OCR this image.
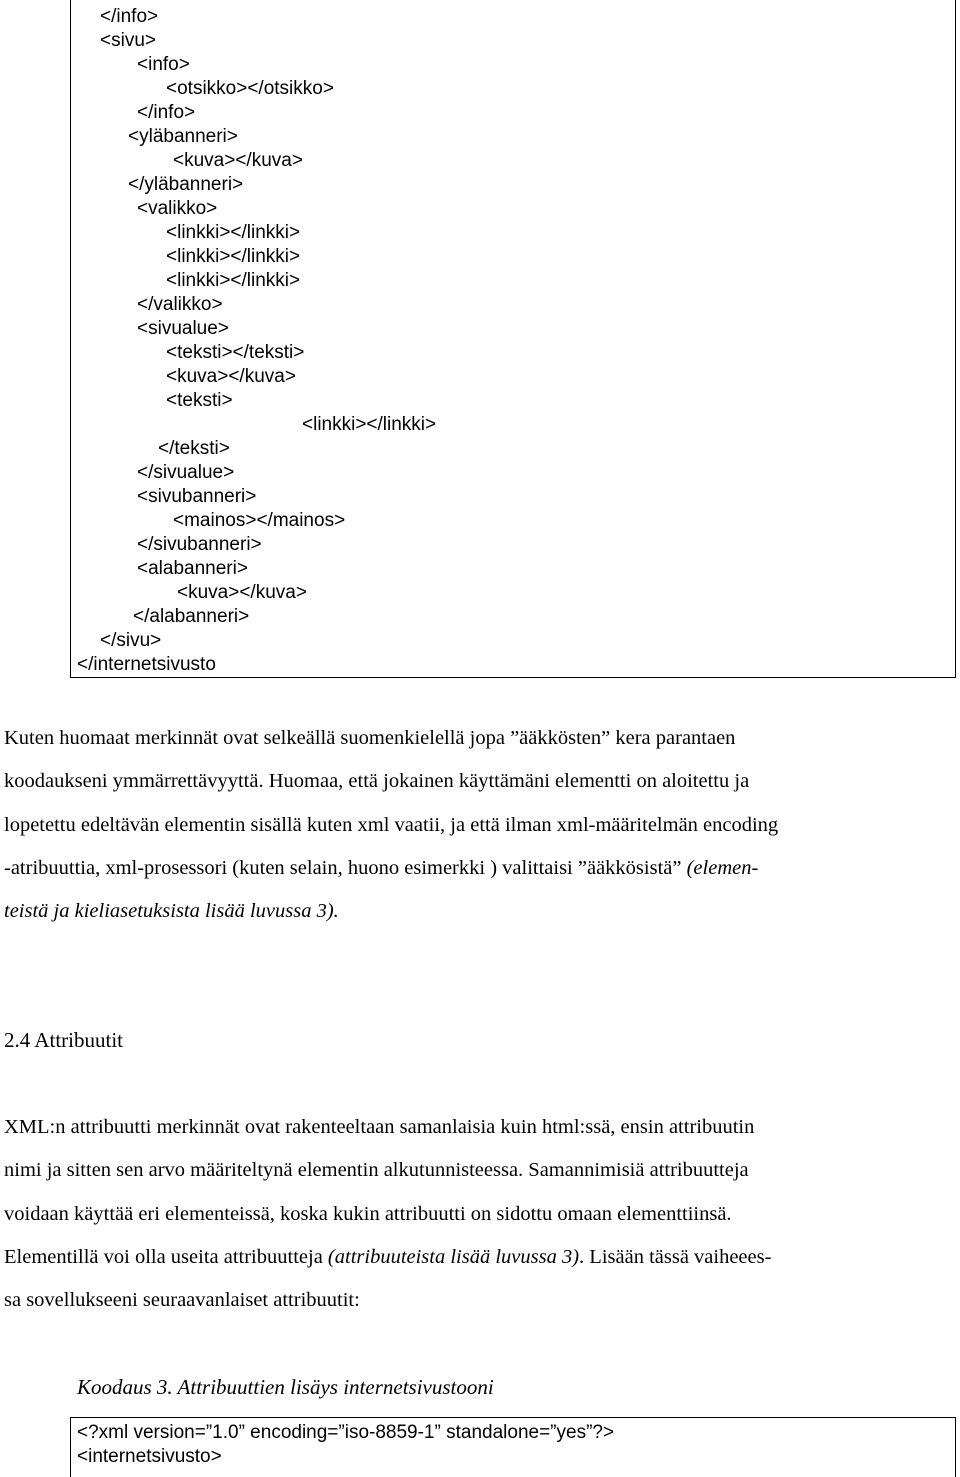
</info>
<sivu>
<info>
<otsikko></otsikko>
</info>
<yläbanneri>
<kuva></kuva>
</yläbanneri>
<valikko>
<linkki></linkki>
<linkki></linkki>
<linkki></linkki>
</valikko>
<sivualue>
<teksti></teksti>
<kuva></kuva>
<teksti>
<linkki></linkki>
</teksti>
</sivualue>
<sivubanneri>
<mainos></mainos>
</sivubanneri>
<alabanneri>
<kuva></kuva>
</alabanneri>
</sivu>
</internetsivusto
Kuten huomaat merkinnät ovat selkeällä suomenkielellä jopa ”ääkkösten” kera parantaen
koodaukseni ymmärrettävyyttä. Huomaa, että jokainen käyttämäni elementti on aloitettu ja
lopetettu edeltävän elementin sisällä kuten xml vaatii, ja että ilman xml-määritelmän encoding
-atribuuttia, xml-prosessori (kuten selain, huono esimerkki ) valittaisi ”ääkkösistä” (elemen-
teistä ja kieliasetuksista lisää luvussa 3).
2.4 Attribuutit
XML:n attribuutti merkinnät ovat rakenteeltaan samanlaisia kuin html:ssä, ensin attribuutin
nimi ja sitten sen arvo määriteltynä elementin alkutunnisteessa. Samannimisiä attribuutteja
voidaan käyttää eri elementeissä, koska kukin attribuutti on sidottu omaan elementtiinsä.
Elementillä voi olla useita attribuutteja (attribuuteista lisää luvussa 3). Lisään tässä vaiheees-
sa sovellukseeni seuraavanlaiset attribuutit:
Koodaus 3. Attribuuttien lisäys internetsivustooni
<?xml version=”1.0” encoding=”iso-8859-1” standalone=”yes”?>
<internetsivusto>
